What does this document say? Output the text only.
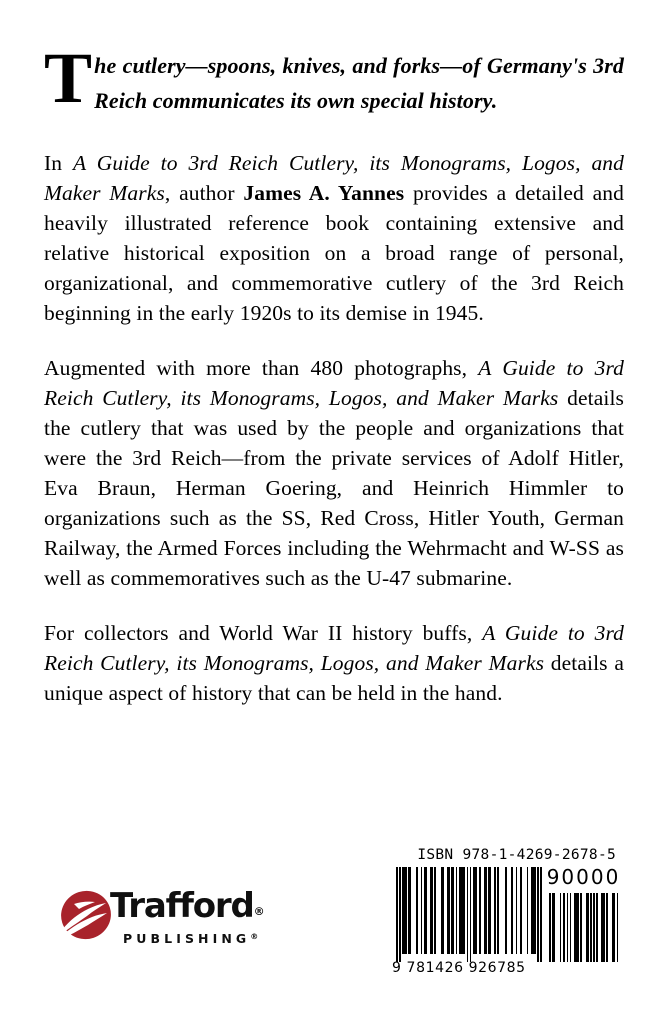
The cutlery—spoons, knives, and forks—of Germany's 3rd Reich communicates its own special history.

In A Guide to 3rd Reich Cutlery, its Monograms, Logos, and Maker Marks, author James A. Yannes provides a detailed and heavily illustrated reference book containing extensive and relative historical exposition on a broad range of personal, organizational, and commemorative cutlery of the 3rd Reich beginning in the early 1920s to its demise in 1945.

Augmented with more than 480 photographs, A Guide to 3rd Reich Cutlery, its Monograms, Logos, and Maker Marks details the cutlery that was used by the people and organizations that were the 3rd Reich—from the private services of Adolf Hitler, Eva Braun, Herman Goering, and Heinrich Himmler to organizations such as the SS, Red Cross, Hitler Youth, German Railway, the Armed Forces including the Wehrmacht and W-SS as well as commemoratives such as the U-47 submarine.

For collectors and World War II history buffs, A Guide to 3rd Reich Cutlery, its Monograms, Logos, and Maker Marks details a unique aspect of history that can be held in the hand.

Trafford®
PUBLISHING®
ISBN 978-1-4269-2678-5
9 781426 926785
90000
